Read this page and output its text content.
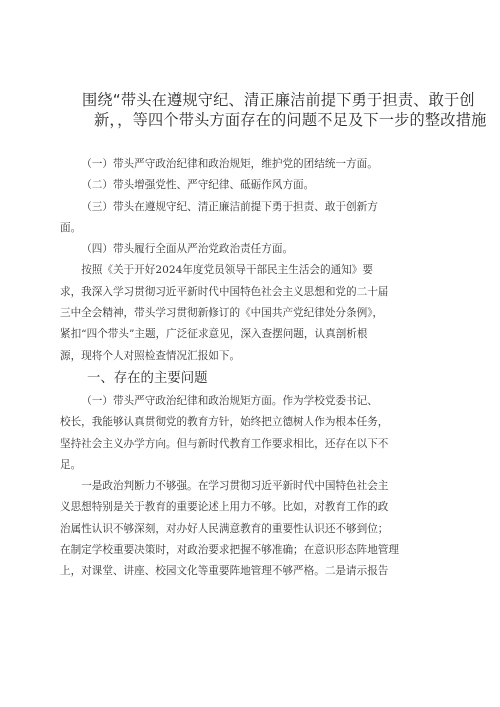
围绕“带头在遵规守纪、清正廉洁前提下勇于担责、敢于创
新，，等四个带头方面存在的问题不足及下一步的整改措施

（一）带头严守政治纪律和政治规矩，维护党的团结统一方面。

（二）带头增强党性、严守纪律、砥砺作风方面。

（三）带头在遵规守纪、清正廉洁前提下勇于担责、敢于创新方

面。

（四）带头履行全面从严治党政治责任方面。

按照《关于开好2024年度党员领导干部民主生活会的通知》要

求，我深入学习贯彻习近平新时代中国特色社会主义思想和党的二十届

三中全会精神，带头学习贯彻新修订的《中国共产党纪律处分条例》，

紧扣“四个带头”主题，广泛征求意见，深入查摆问题，认真剖析根

源，现将个人对照检查情况汇报如下。

一、存在的主要问题

（一）带头严守政治纪律和政治规矩方面。作为学校党委书记、

校长，我能够认真贯彻党的教育方针，始终把立德树人作为根本任务，

坚持社会主义办学方向。但与新时代教育工作要求相比，还存在以下不

足。

一是政治判断力不够强。在学习贯彻习近平新时代中国特色社会主

义思想特别是关于教育的重要论述上用力不够。比如，对教育工作的政

治属性认识不够深刻，对办好人民满意教育的重要性认识还不够到位；

在制定学校重要决策时，对政治要求把握不够准确；在意识形态阵地管理

上，对课堂、讲座、校园文化等重要阵地管理不够严格。二是请示报告
